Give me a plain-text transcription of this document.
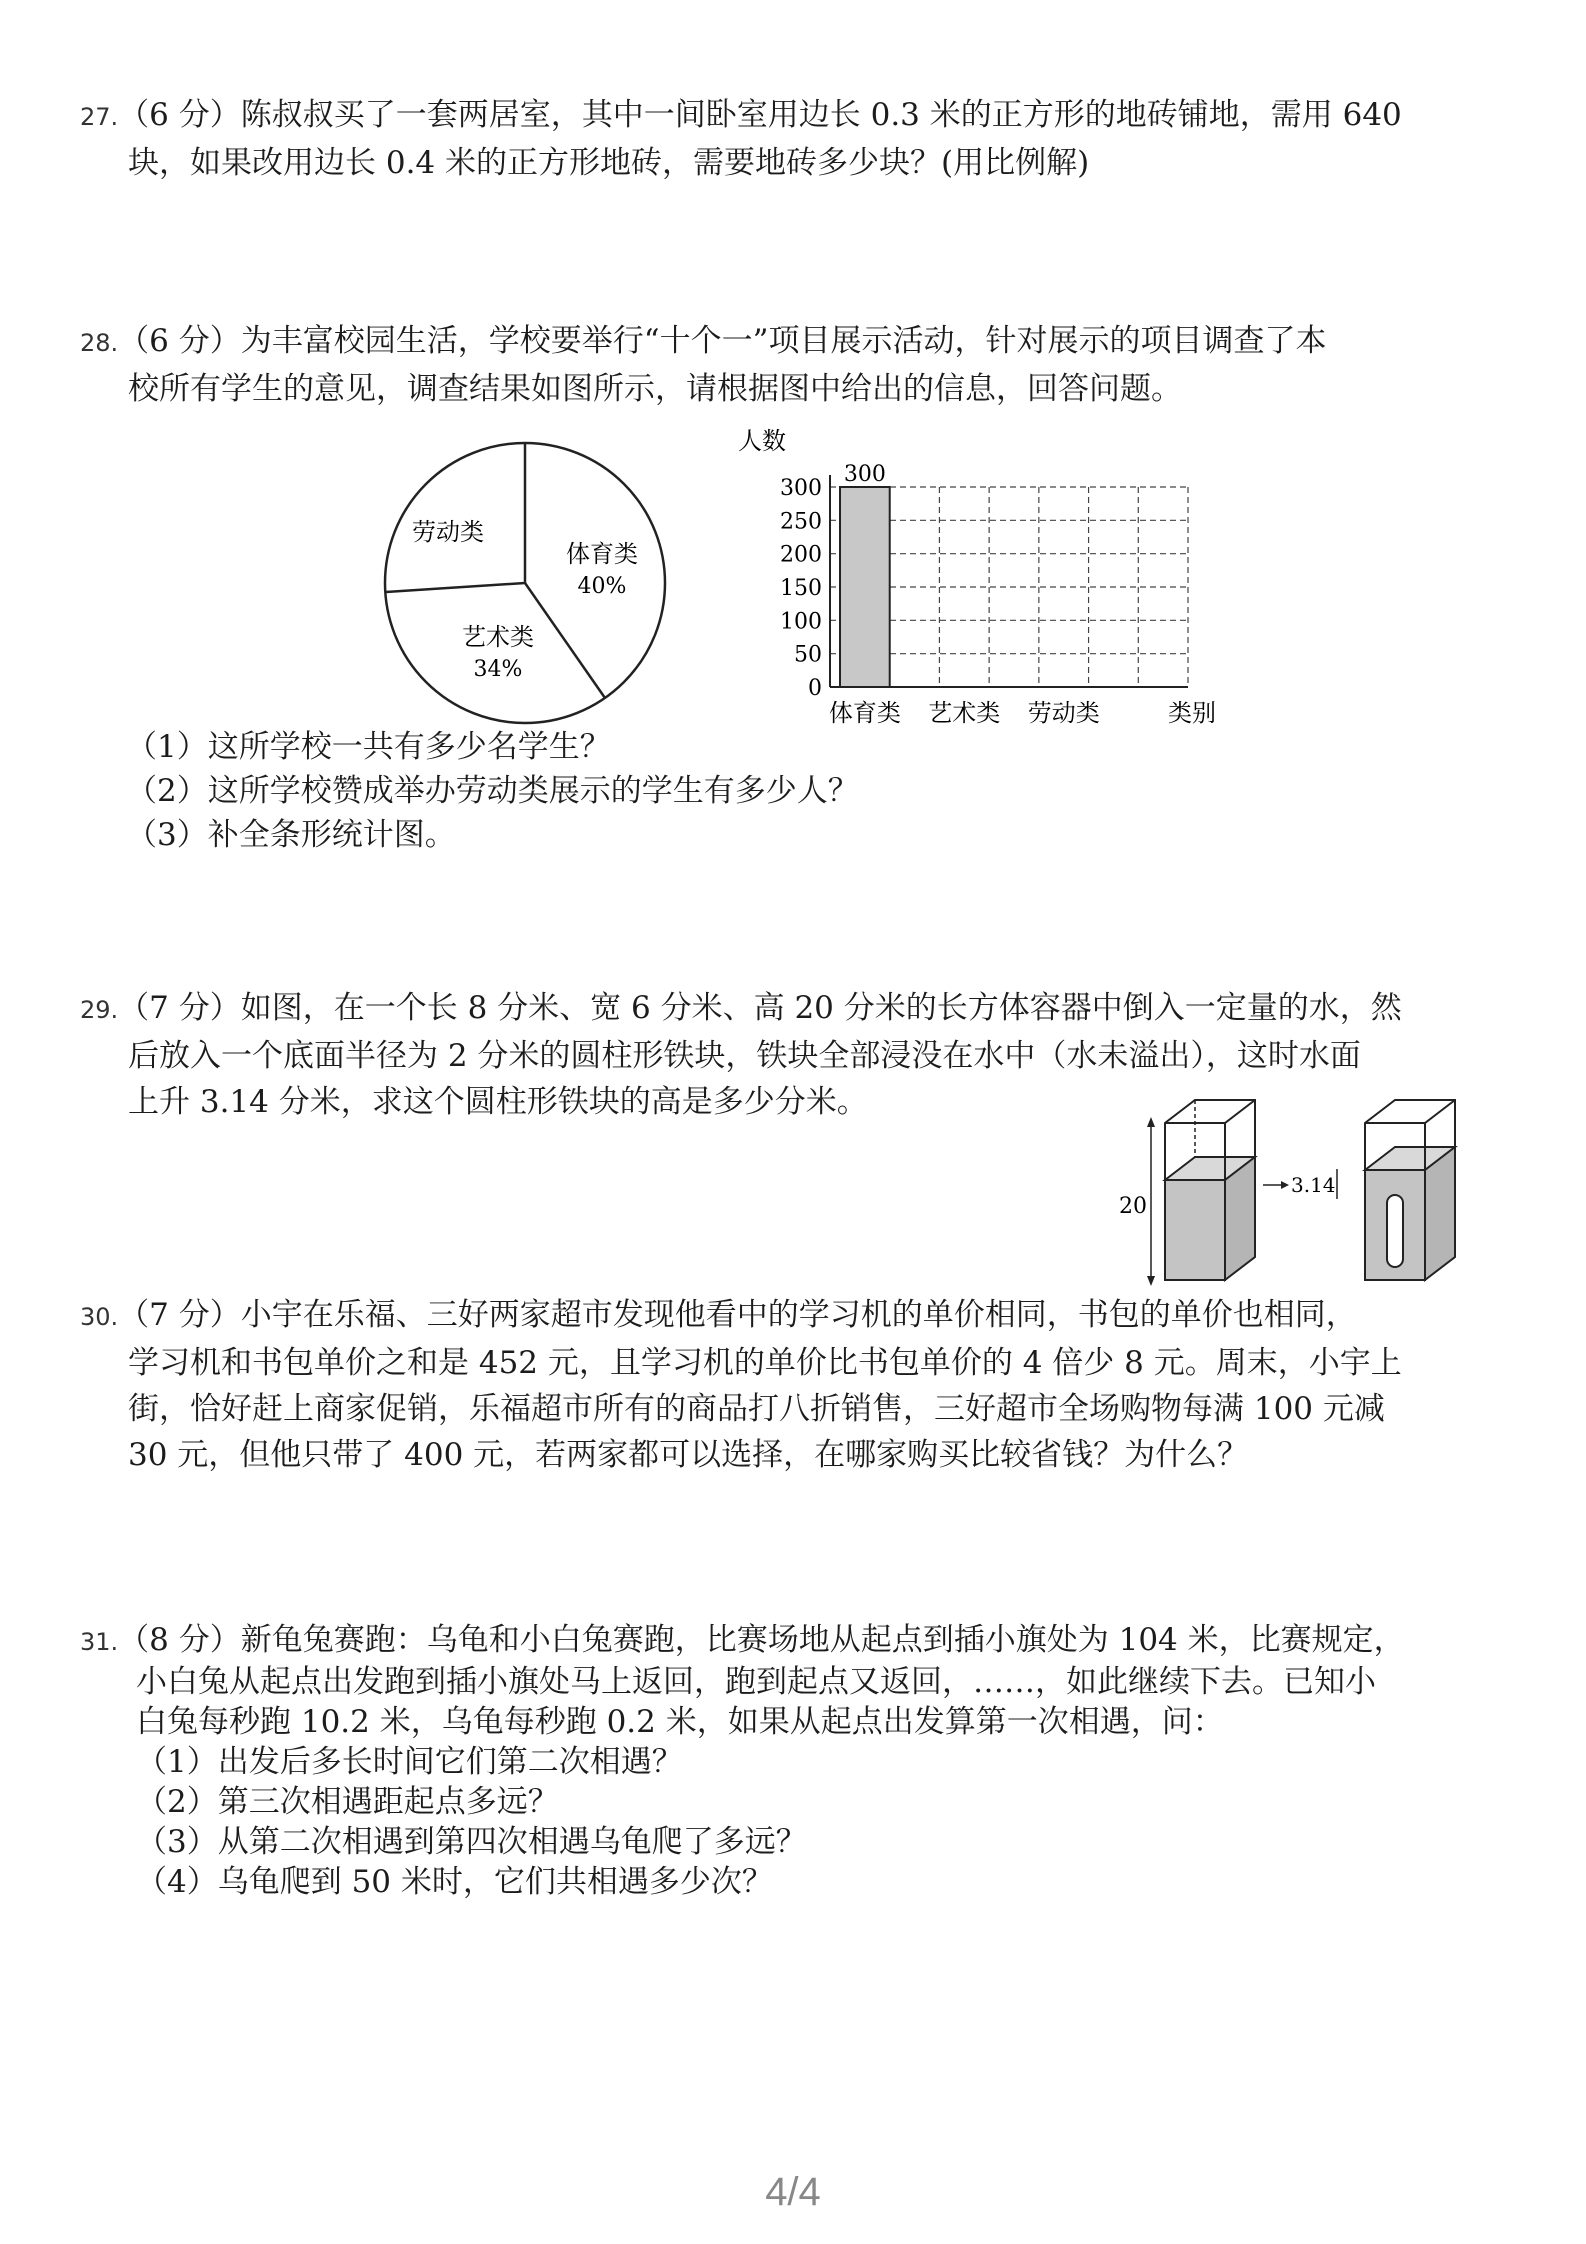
27.（6 分）陈叔叔买了一套两居室，其中一间卧室用边长 0.3 米的正方形的地砖铺地，需用 640

块，如果改用边长 0.4 米的正方形地砖，需要地砖多少块？(用比例解)

28.（6 分）为丰富校园生活，学校要举行“十个一”项目展示活动，针对展示的项目调查了本

校所有学生的意见，调查结果如图所示，请根据图中给出的信息，回答问题。

劳动类
体育类
40%
艺术类
34%
人数
0
50
100
150
200
250
300
300
体育类 艺术类 劳动类	类别

（1）这所学校一共有多少名学生？

（2）这所学校赞成举办劳动类展示的学生有多少人？

（3）补全条形统计图。

29.（7 分）如图，在一个长 8 分米、宽 6 分米、高 20 分米的长方体容器中倒入一定量的水，然

后放入一个底面半径为 2 分米的圆柱形铁块，铁块全部浸没在水中（水未溢出），这时水面

上升 3.14 分米，求这个圆柱形铁块的高是多少分米。

20
3.14

30.（7 分）小宇在乐福、三好两家超市发现他看中的学习机的单价相同，书包的单价也相同，

学习机和书包单价之和是 452 元，且学习机的单价比书包单价的 4 倍少 8 元。周末，小宇上

街，恰好赶上商家促销，乐福超市所有的商品打八折销售，三好超市全场购物每满 100 元减

30 元，但他只带了 400 元，若两家都可以选择，在哪家购买比较省钱？为什么？

31.（8 分）新龟兔赛跑：乌龟和小白兔赛跑，比赛场地从起点到插小旗处为 104 米，比赛规定，

小白兔从起点出发跑到插小旗处马上返回，跑到起点又返回，……，如此继续下去。已知小

白兔每秒跑 10.2 米，乌龟每秒跑 0.2 米，如果从起点出发算第一次相遇，问：

（1）出发后多长时间它们第二次相遇？

（2）第三次相遇距起点多远？

（3）从第二次相遇到第四次相遇乌龟爬了多远？

（4）乌龟爬到 50 米时，它们共相遇多少次？

4/4
